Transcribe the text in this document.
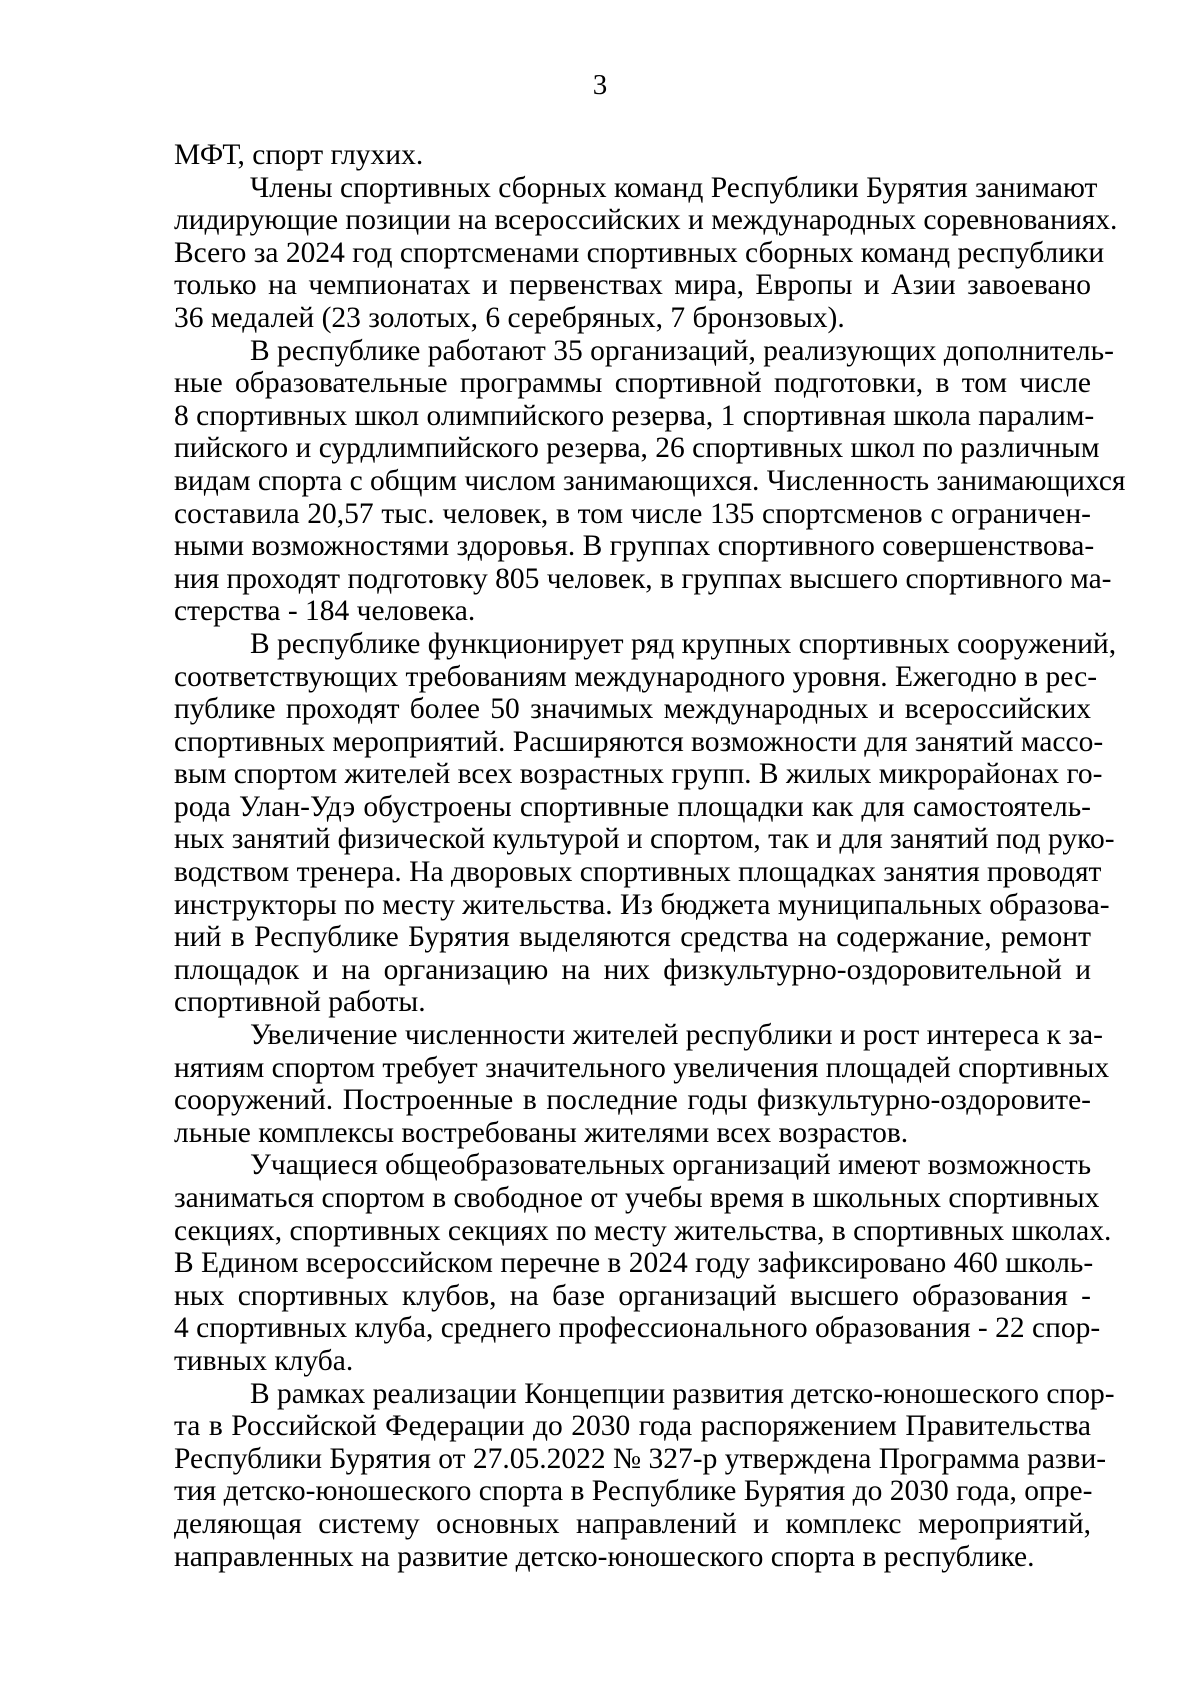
3
МФТ, спорт глухих.
Члены спортивных сборных команд Республики Бурятия занимают
лидирующие позиции на всероссийских и международных соревнованиях.
Всего за 2024 год спортсменами спортивных сборных команд республики
только на чемпионатах и первенствах мира, Европы и Азии завоевано
36 медалей (23 золотых, 6 серебряных, 7 бронзовых).
В республике работают 35 организаций, реализующих дополнитель-
ные образовательные программы спортивной подготовки, в том числе
8 спортивных школ олимпийского резерва, 1 спортивная школа паралим-
пийского и сурдлимпийского резерва, 26 спортивных школ по различным
видам спорта с общим числом занимающихся. Численность занимающихся
составила 20,57 тыс. человек, в том числе 135 спортсменов с ограничен-
ными возможностями здоровья. В группах спортивного совершенствова-
ния проходят подготовку 805 человек, в группах высшего спортивного ма-
стерства - 184 человека.
В республике функционирует ряд крупных спортивных сооружений,
соответствующих требованиям международного уровня. Ежегодно в рес-
публике проходят более 50 значимых международных и всероссийских
спортивных мероприятий. Расширяются возможности для занятий массо-
вым спортом жителей всех возрастных групп. В жилых микрорайонах го-
рода Улан-Удэ обустроены спортивные площадки как для самостоятель-
ных занятий физической культурой и спортом, так и для занятий под руко-
водством тренера. На дворовых спортивных площадках занятия проводят
инструкторы по месту жительства. Из бюджета муниципальных образова-
ний в Республике Бурятия выделяются средства на содержание, ремонт
площадок и на организацию на них физкультурно-оздоровительной и
спортивной работы.
Увеличение численности жителей республики и рост интереса к за-
нятиям спортом требует значительного увеличения площадей спортивных
сооружений. Построенные в последние годы физкультурно-оздоровите-
льные комплексы востребованы жителями всех возрастов.
Учащиеся общеобразовательных организаций имеют возможность
заниматься спортом в свободное от учебы время в школьных спортивных
секциях, спортивных секциях по месту жительства, в спортивных школах.
В Едином всероссийском перечне в 2024 году зафиксировано 460 школь-
ных спортивных клубов, на базе организаций высшего образования -
4 спортивных клуба, среднего профессионального образования - 22 спор-
тивных клуба.
В рамках реализации Концепции развития детско-юношеского спор-
та в Российской Федерации до 2030 года распоряжением Правительства
Республики Бурятия от 27.05.2022 № 327-р утверждена Программа разви-
тия детско-юношеского спорта в Республике Бурятия до 2030 года, опре-
деляющая систему основных направлений и комплекс мероприятий,
направленных на развитие детско-юношеского спорта в республике.
